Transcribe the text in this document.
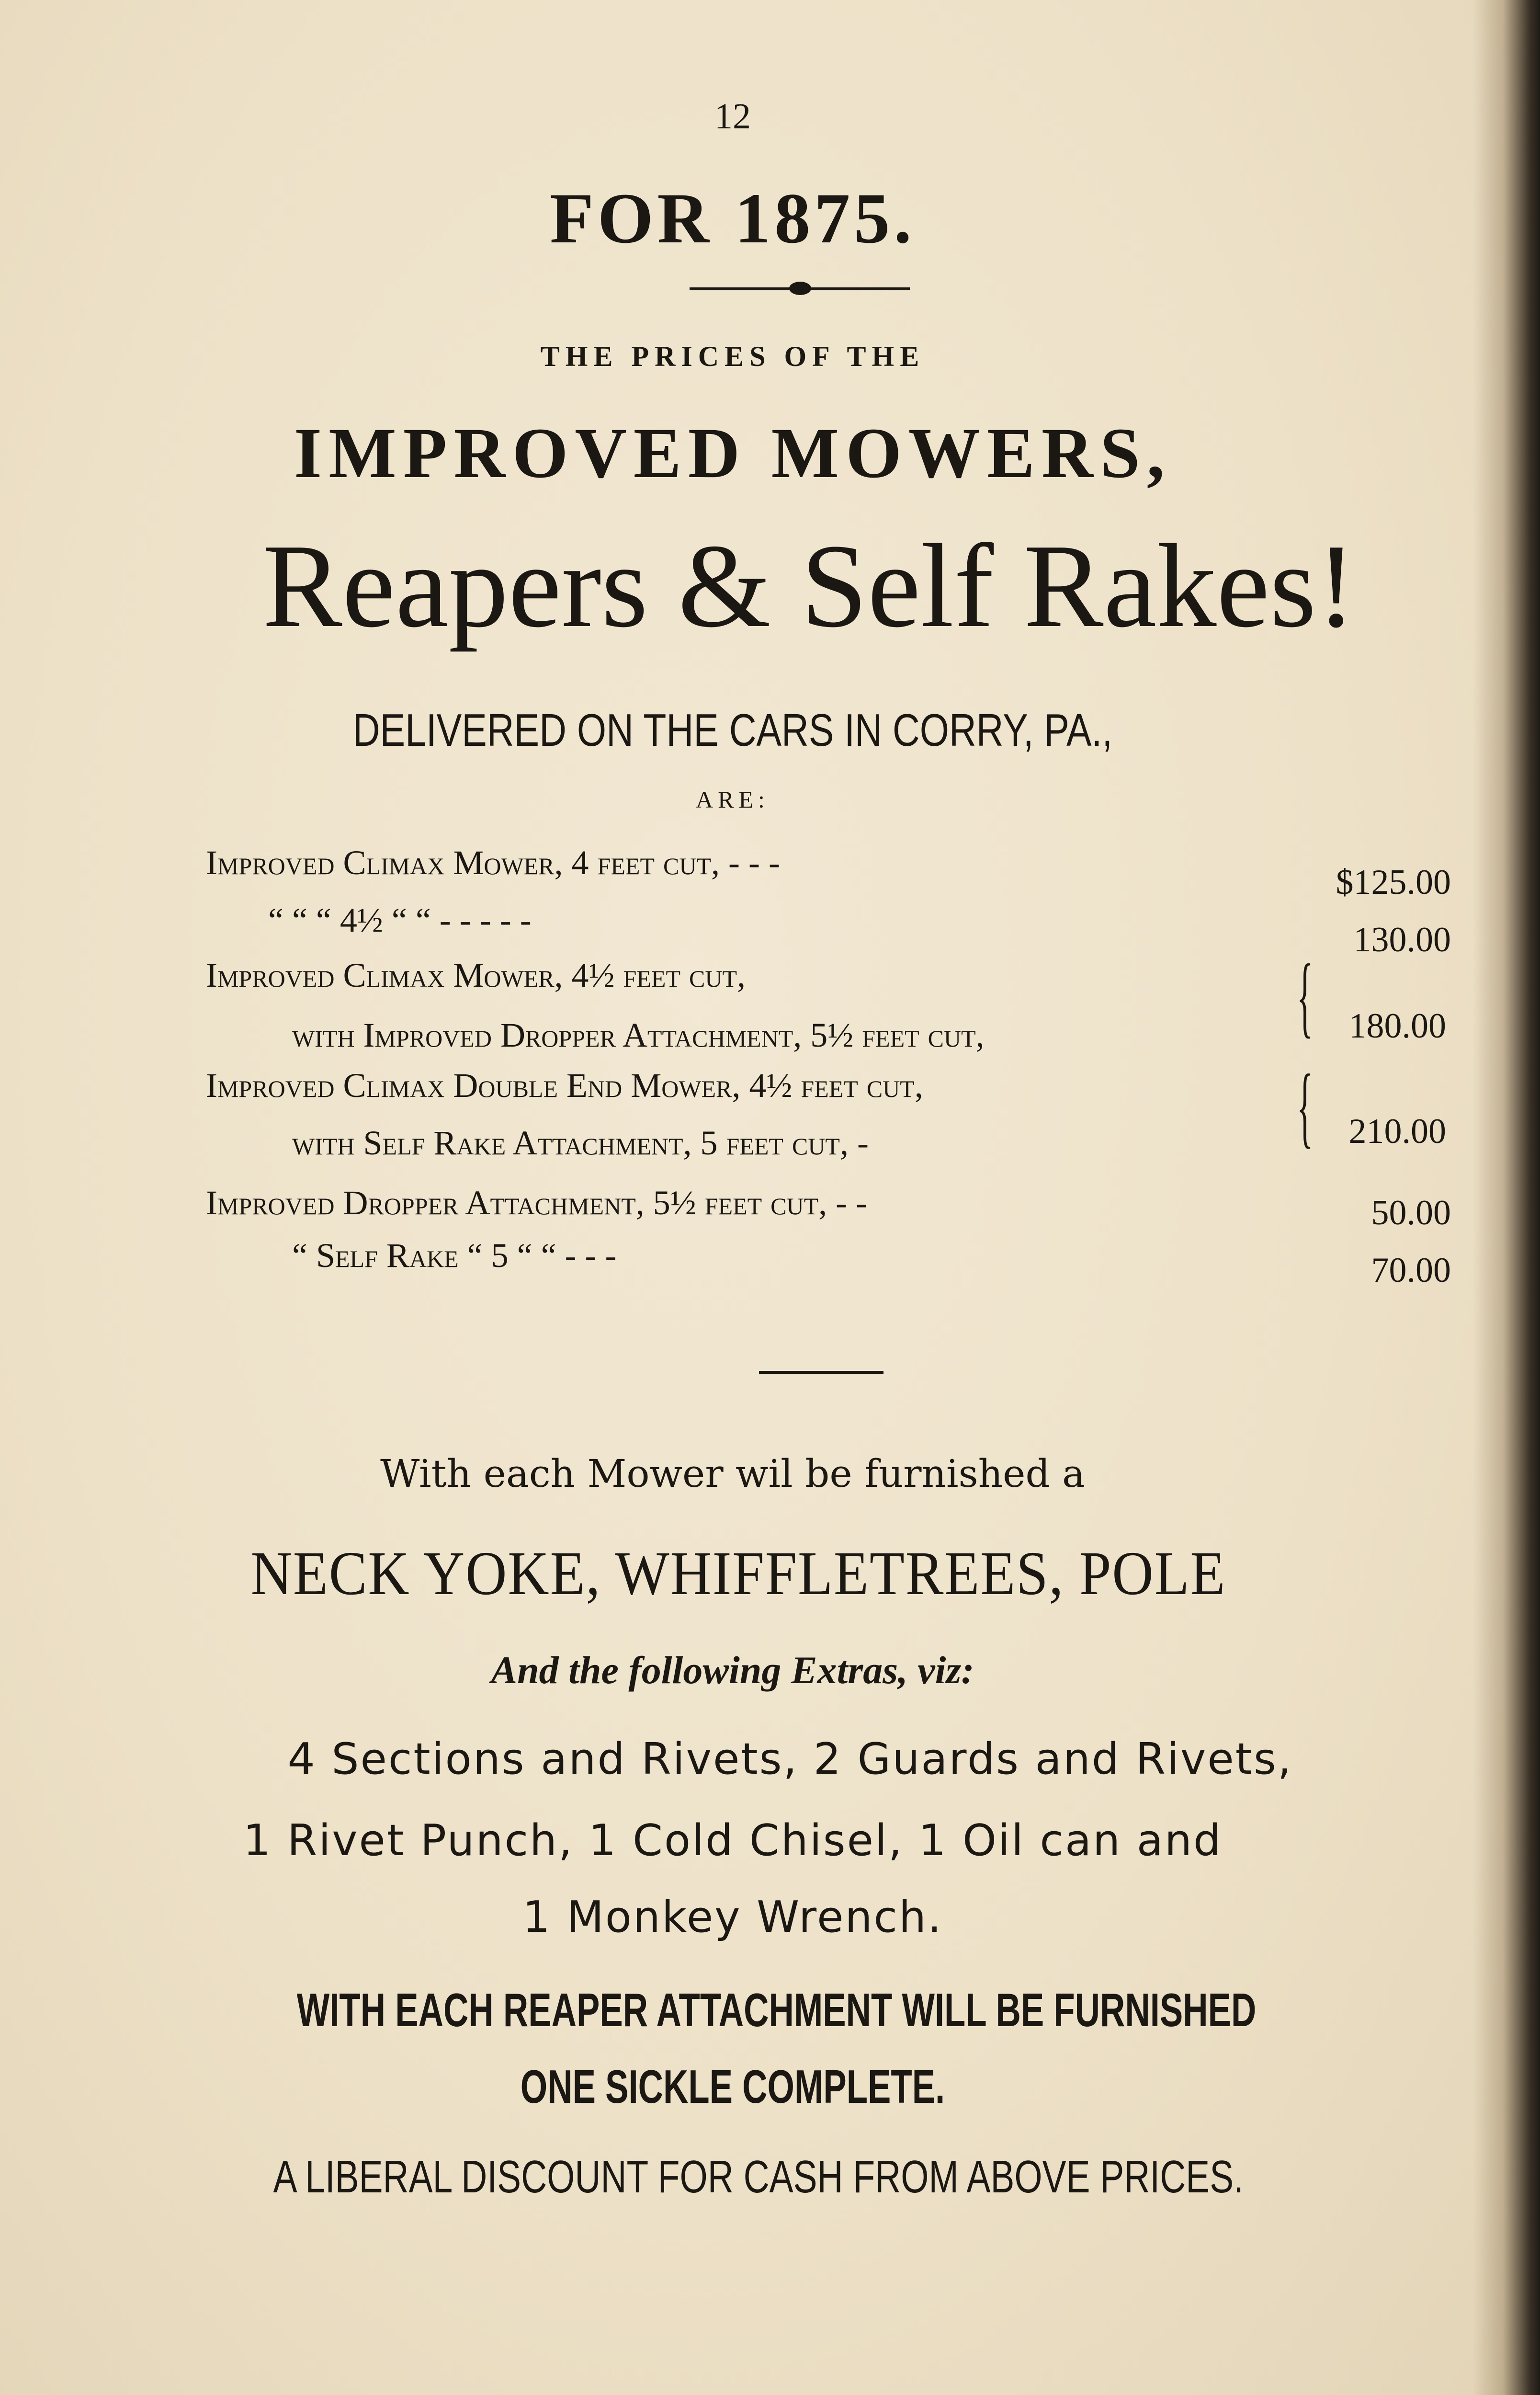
12
FOR 1875.
THE PRICES OF THE
IMPROVED MOWERS,
Reapers & Self Rakes!
DELIVERED ON THE CARS IN CORRY, PA.,
ARE:
Improved Climax Mower, 4 feet cut, - - -	$125.00
“ “ “ 4½ “ “ - - - - -	130.00
Improved Climax Mower, 4½ feet cut,
with Improved Dropper Attachment, 5½ feet cut,	{ 180.00
Improved Climax Double End Mower, 4½ feet cut,
with Self Rake Attachment, 5 feet cut, -	{ 210.00
Improved Dropper Attachment, 5½ feet cut, - -	50.00
“ Self Rake “ 5 “ “ - - -	70.00
With each Mower wil be furnished a
NECK YOKE, WHIFFLETREES, POLE
And the following Extras, viz:
4 Sections and Rivets, 2 Guards and Rivets,
1 Rivet Punch, 1 Cold Chisel, 1 Oil can and
1 Monkey Wrench.
WITH EACH REAPER ATTACHMENT WILL BE FURNISHED
ONE SICKLE COMPLETE.
A LIBERAL DISCOUNT FOR CASH FROM ABOVE PRICES.
